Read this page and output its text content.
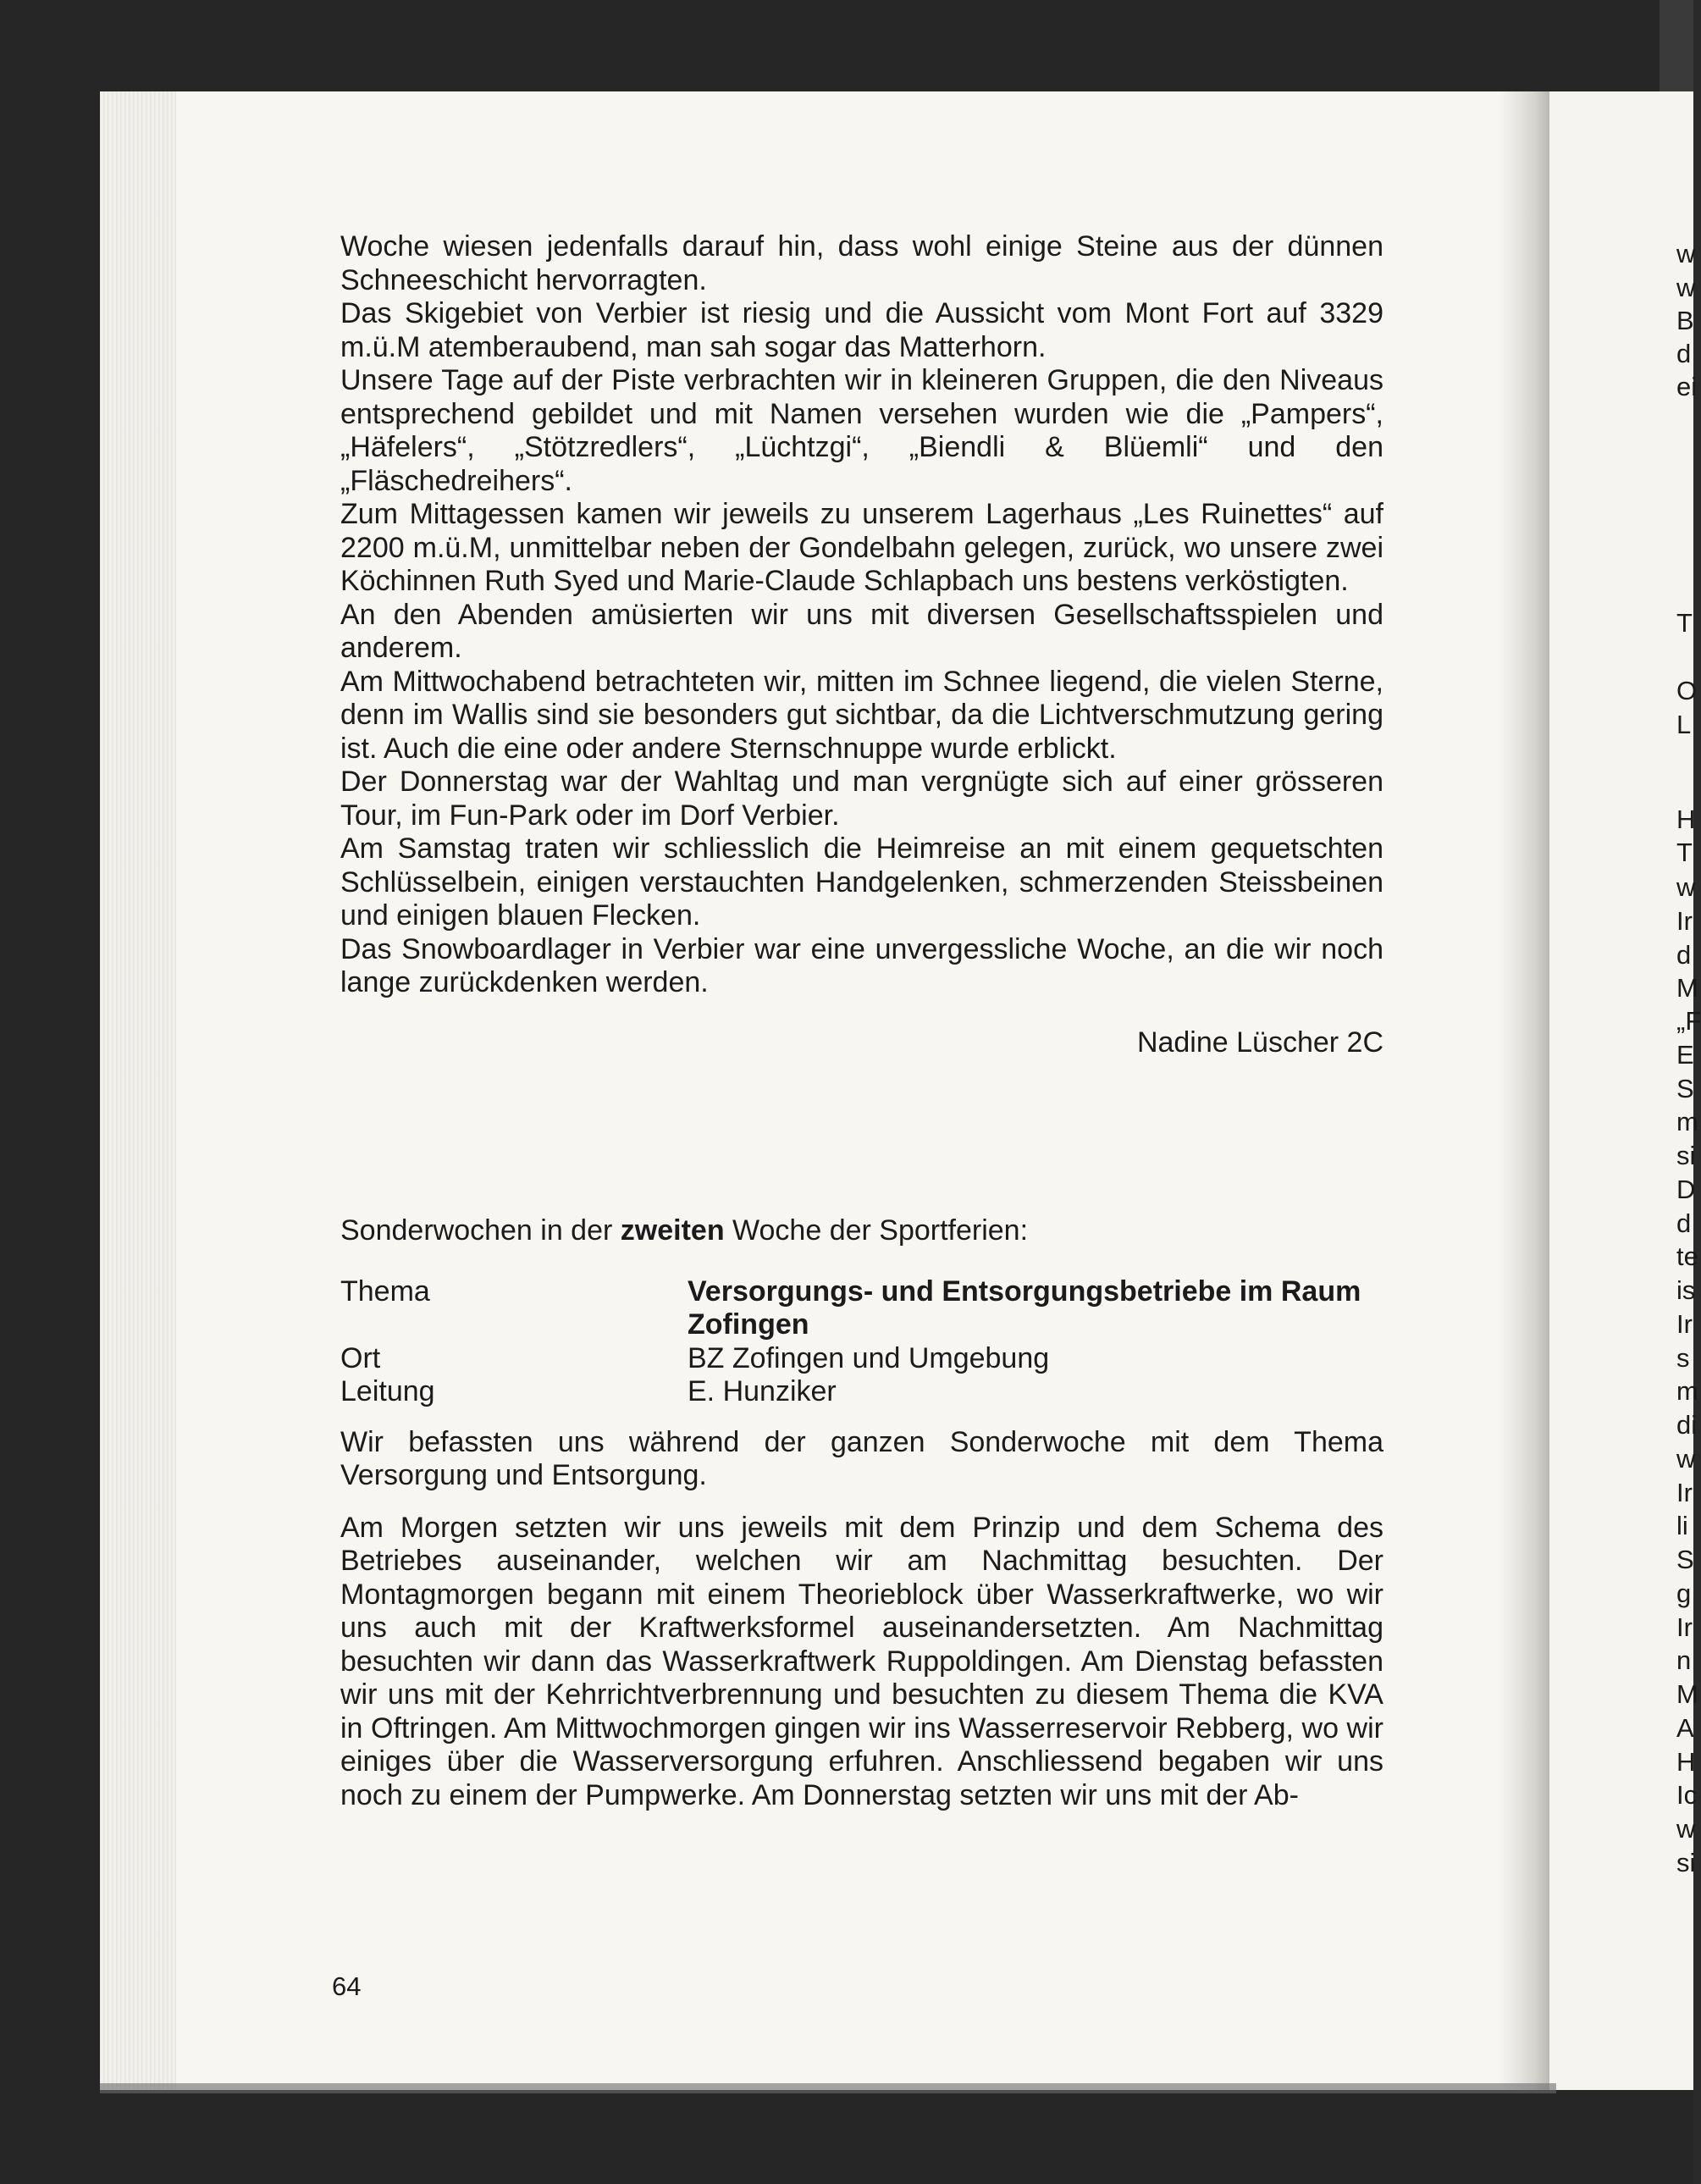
w
w
B
d
ei
T
O
L
H
T
w
Ir
d
M
„F
E
S
m
si
D
d
te
is
Ir
s
m
di
w
Ir
li
S
g
Ir
n
M
A
H
Ic
w
si

Woche wiesen jedenfalls darauf hin, dass wohl einige Steine aus der dünnen Schneeschicht hervorragten.

Das Skigebiet von Verbier ist riesig und die Aussicht vom Mont Fort auf 3329 m.ü.M atemberaubend, man sah sogar das Matterhorn.

Unsere Tage auf der Piste verbrachten wir in kleineren Gruppen, die den Niveaus entsprechend gebildet und mit Namen versehen wurden wie die „Pampers“, „Häfelers“, „Stötzredlers“, „Lüchtzgi“, „Biendli & Blüemli“ und den „Fläschedreihers“.

Zum Mittagessen kamen wir jeweils zu unserem Lagerhaus „Les Ruinettes“ auf 2200 m.ü.M, unmittelbar neben der Gondelbahn gelegen, zurück, wo unsere zwei Köchinnen Ruth Syed und Marie-Claude Schlapbach uns bestens verköstigten.

An den Abenden amüsierten wir uns mit diversen Gesellschaftsspielen und anderem.

Am Mittwochabend betrachteten wir, mitten im Schnee liegend, die vielen Sterne, denn im Wallis sind sie besonders gut sichtbar, da die Lichtverschmutzung gering ist. Auch die eine oder andere Sternschnuppe wurde erblickt.

Der Donnerstag war der Wahltag und man vergnügte sich auf einer grösseren Tour, im Fun-Park oder im Dorf Verbier.

Am Samstag traten wir schliesslich die Heimreise an mit einem gequetschten Schlüsselbein, einigen verstauchten Handgelenken, schmerzenden Steissbeinen und einigen blauen Flecken.

Das Snowboardlager in Verbier war eine unvergessliche Woche, an die wir noch lange zurückdenken werden.

Nadine Lüscher 2C
Sonderwochen in der zweiten Woche der Sportferien:
Thema	Versorgungs- und Entsorgungsbetriebe im Raum Zofingen
Ort	BZ Zofingen und Umgebung
Leitung	E. Hunziker

Wir befassten uns während der ganzen Sonderwoche mit dem Thema Versorgung und Entsorgung.

Am Morgen setzten wir uns jeweils mit dem Prinzip und dem Schema des Betriebes auseinander, welchen wir am Nachmittag besuchten. Der Montagmorgen begann mit einem Theorieblock über Wasserkraftwerke, wo wir uns auch mit der Kraftwerksformel auseinandersetzten. Am Nachmittag besuchten wir dann das Wasserkraftwerk Ruppoldingen. Am Dienstag befassten wir uns mit der Kehrrichtverbrennung und besuchten zu diesem Thema die KVA in Oftringen. Am Mittwochmorgen gingen wir ins Wasserreservoir Rebberg, wo wir einiges über die Wasserversorgung erfuhren. Anschliessend begaben wir uns noch zu einem der Pumpwerke. Am Donnerstag setzten wir uns mit der Ab-

64
